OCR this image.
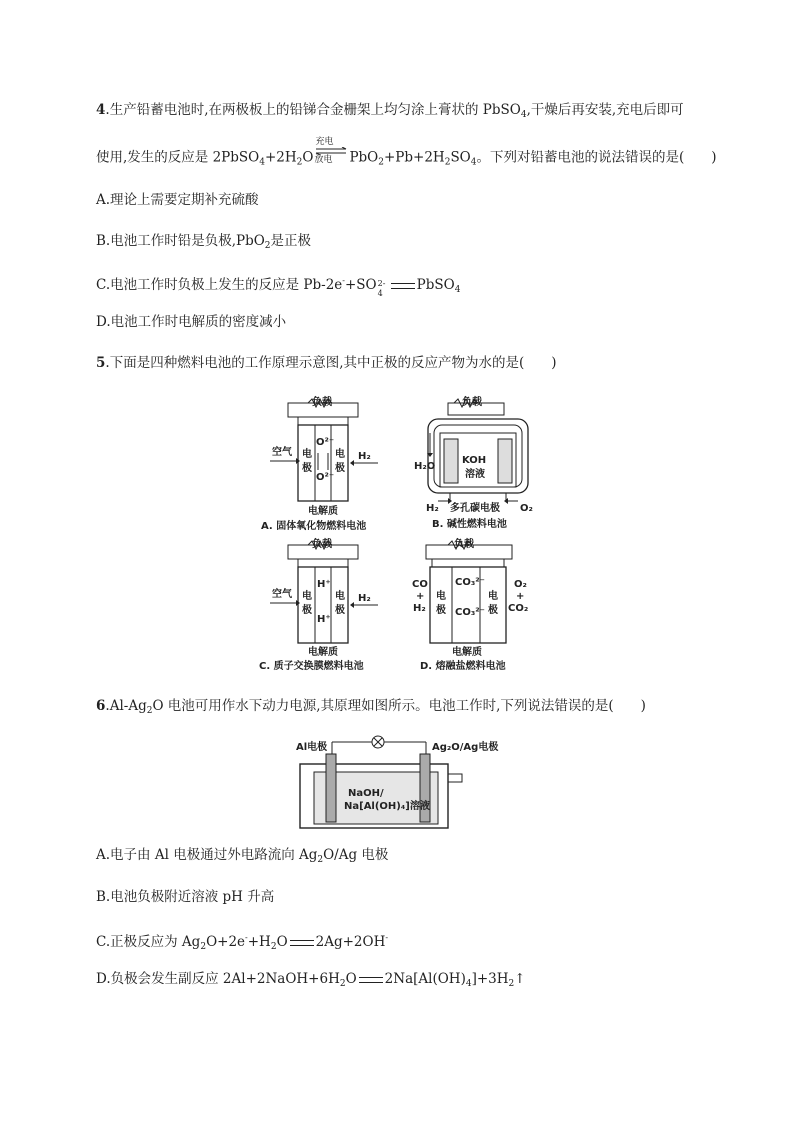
4.生产铅蓄电池时,在两极板上的铅锑合金栅架上均匀涂上膏状的 PbSO$_4$,干燥后再安装,充电后即可
使用,发生的反应是 $2PbSO_4+2H_2O$
充电
放电 $PbO_2+Pb+2H_2SO_4$。下列对铅蓄电池的说法错误的是(　　)
A.理论上需要定期补充硫酸
B.电池工作时铅是负极,PbO$_2$是正极
C.电池工作时负极上发生的反应是 Pb-2e-+SO 2-
4	PbSO$_4$
D.电池工作时电解质的密度减小
5.下面是四种燃料电池的工作原理示意图,其中正极的反应产物为水的是(　　)
负载
电
极
电
极
O²⁻
O²⁻
空气	H₂
电解质
A. 固体氧化物燃料电池
负载
KOH
溶液
H₂O
H₂ 多孔碳电极 O₂
B. 碱性燃料电池
负载
电
极
电
极
H⁺
H⁺
空气	H₂
电解质
C. 质子交换膜燃料电池
负载
电
极
电
极
CO₃²⁻
CO₃²⁻
CO
+
H₂
O₂
+
CO₂
电解质
D. 熔融盐燃料电池
$6.Al-Ag_2O$ 电池可用作水下动力电源,其原理如图所示。电池工作时,下列说法错误的是(　　)
Al电极	Ag₂O/Ag电极
NaOH/
Na[Al(OH)₄]溶液
A.电子由 Al 电极通过外电路流向 $Ag_2O/Ag$ 电极
B.电池负极附近溶液 pH 升高
C.正极反应为 $Ag_2O+2e^-+H_2O$ 2Ag+2OH-
D.负极会发生副反应 $2Al+2NaOH+6H_2O$ $2Na[Al(OH)_4]+3H_2↑$
